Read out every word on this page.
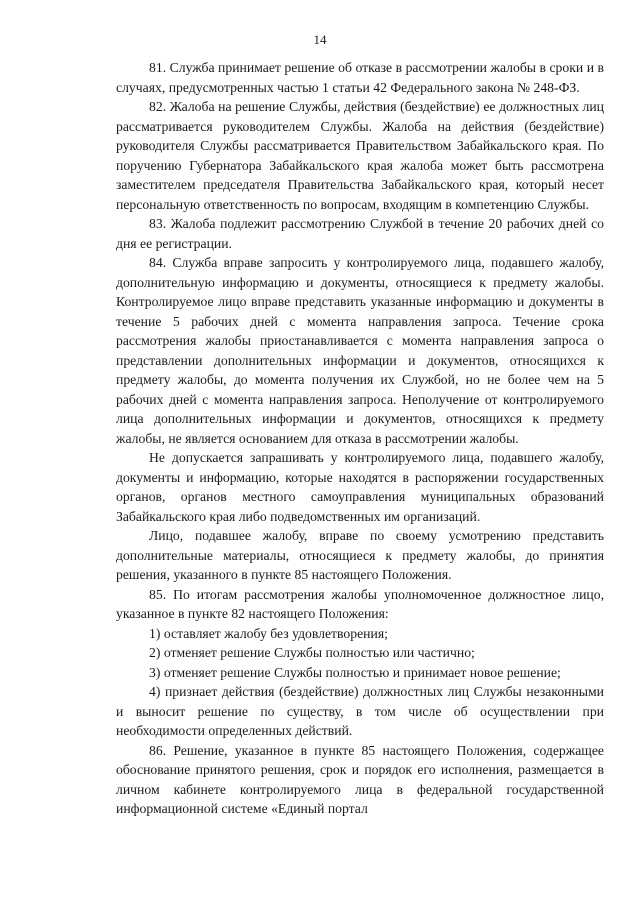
14

81. Служба принимает решение об отказе в рассмотрении жалобы в сроки и в случаях, предусмотренных частью 1 статьи 42 Федерального закона № 248-ФЗ.

82. Жалоба на решение Службы, действия (бездействие) ее должностных лиц рассматривается руководителем Службы. Жалоба на действия (бездействие) руководителя Службы рассматривается Правительством Забайкальского края. По поручению Губернатора Забайкальского края жалоба может быть рассмотрена заместителем председателя Правительства Забайкальского края, который несет персональную ответственность по вопросам, входящим в компетенцию Службы.

83. Жалоба подлежит рассмотрению Службой в течение 20 рабочих дней со дня ее регистрации.

84. Служба вправе запросить у контролируемого лица, подавшего жалобу, дополнительную информацию и документы, относящиеся к предмету жалобы. Контролируемое лицо вправе представить указанные информацию и документы в течение 5 рабочих дней с момента направления запроса. Течение срока рассмотрения жалобы приостанавливается с момента направления запроса о представлении дополнительных информации и документов, относящихся к предмету жалобы, до момента получения их Службой, но не более чем на 5 рабочих дней с момента направления запроса. Неполучение от контролируемого лица дополнительных информации и документов, относящихся к предмету жалобы, не является основанием для отказа в рассмотрении жалобы.

Не допускается запрашивать у контролируемого лица, подавшего жалобу, документы и информацию, которые находятся в распоряжении государственных органов, органов местного самоуправления муниципальных образований Забайкальского края либо подведомственных им организаций.

Лицо, подавшее жалобу, вправе по своему усмотрению представить дополнительные материалы, относящиеся к предмету жалобы, до принятия решения, указанного в пункте 85 настоящего Положения.

85. По итогам рассмотрения жалобы уполномоченное должностное лицо, указанное в пункте 82 настоящего Положения:

1) оставляет жалобу без удовлетворения;

2) отменяет решение Службы полностью или частично;

3) отменяет решение Службы полностью и принимает новое решение;

4) признает действия (бездействие) должностных лиц Службы незаконными и выносит решение по существу, в том числе об осуществлении при необходимости определенных действий.

86. Решение, указанное в пункте 85 настоящего Положения, содержащее обоснование принятого решения, срок и порядок его исполнения, размещается в личном кабинете контролируемого лица в федеральной государственной информационной системе «Единый портал
